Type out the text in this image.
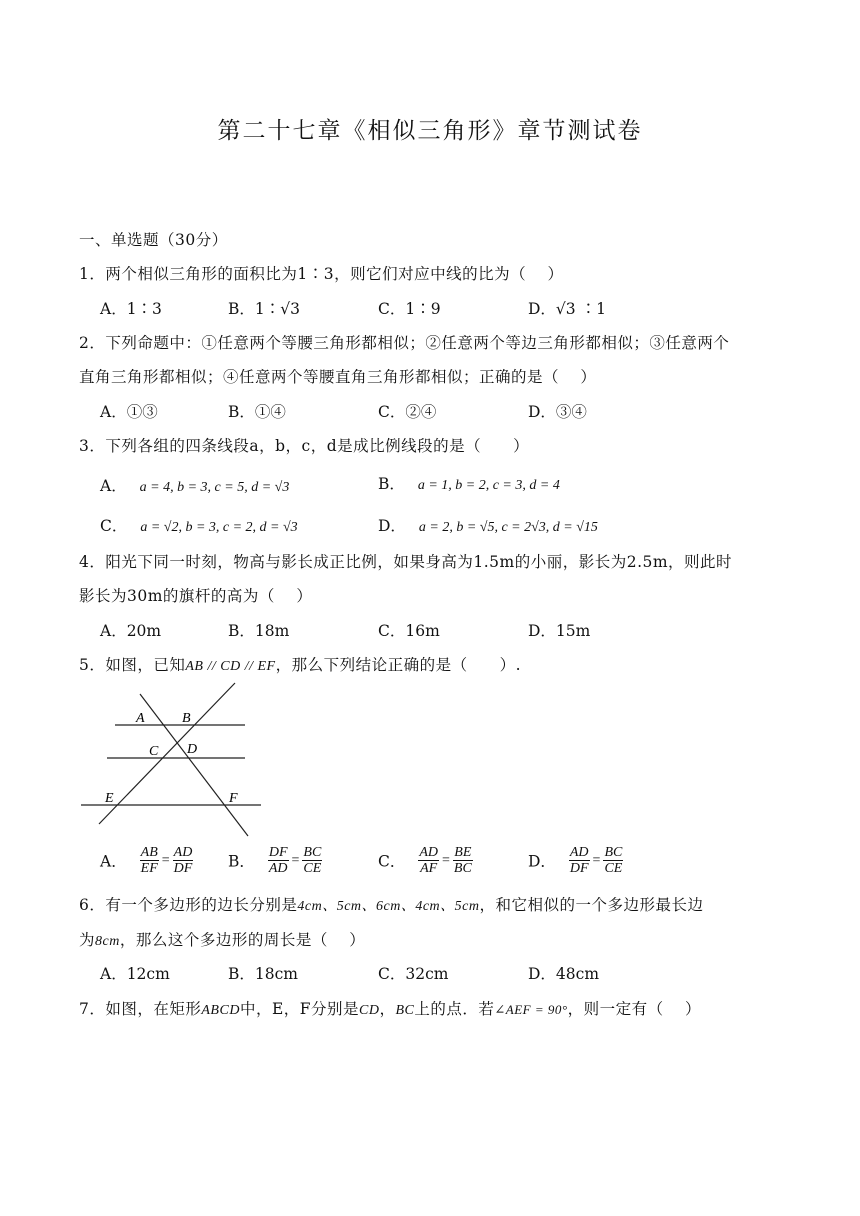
第二十七章《相似三角形》章节测试卷
一、单选题（30分）
1．两个相似三角形的面积比为1∶3，则它们对应中线的比为（　 ）
A．1∶3	B．1∶√3	C．1∶9	D．√3 ∶1
2．下列命题中：①任意两个等腰三角形都相似；②任意两个等边三角形都相似；③任意两个
直角三角形都相似；④任意两个等腰直角三角形都相似；正确的是（　 ）
A．①③	B．①④	C．②④	D．③④
3．下列各组的四条线段a，b，c，d是成比例线段的是（　　）
A． a = 4, b = 3, c = 5, d = √3	B． a = 1, b = 2, c = 3, d = 4
C． a = √2, b = 3, c = 2, d = √3	D． a = 2, b = √5, c = 2√3, d = √15
4．阳光下同一时刻，物高与影长成正比例，如果身高为1.5m的小丽，影长为2.5m，则此时
影长为30m的旗杆的高为（　 ）
A．20m	B．18m	C．16m	D．15m
5．如图，已知AB // CD // EF，那么下列结论正确的是（　　）.
A	B
C D
E	F
A． $\frac{AB}{EF} = \frac{AD}{DF}$ B． $\frac{DF}{AD} = \frac{BC}{CE}$	C． $\frac{AD}{AF} = \frac{BE}{BC}$	D． $\frac{AD}{DF} = \frac{BC}{CE}$
6．有一个多边形的边长分别是4cm、5cm、6cm、4cm、5cm，和它相似的一个多边形最长边
为8cm，那么这个多边形的周长是（　 ）
A．12cm	B．18cm	C．32cm	D．48cm
7．如图，在矩形ABCD中，E，F分别是CD，BC上的点．若∠AEF = 90°，则一定有（　 ）
